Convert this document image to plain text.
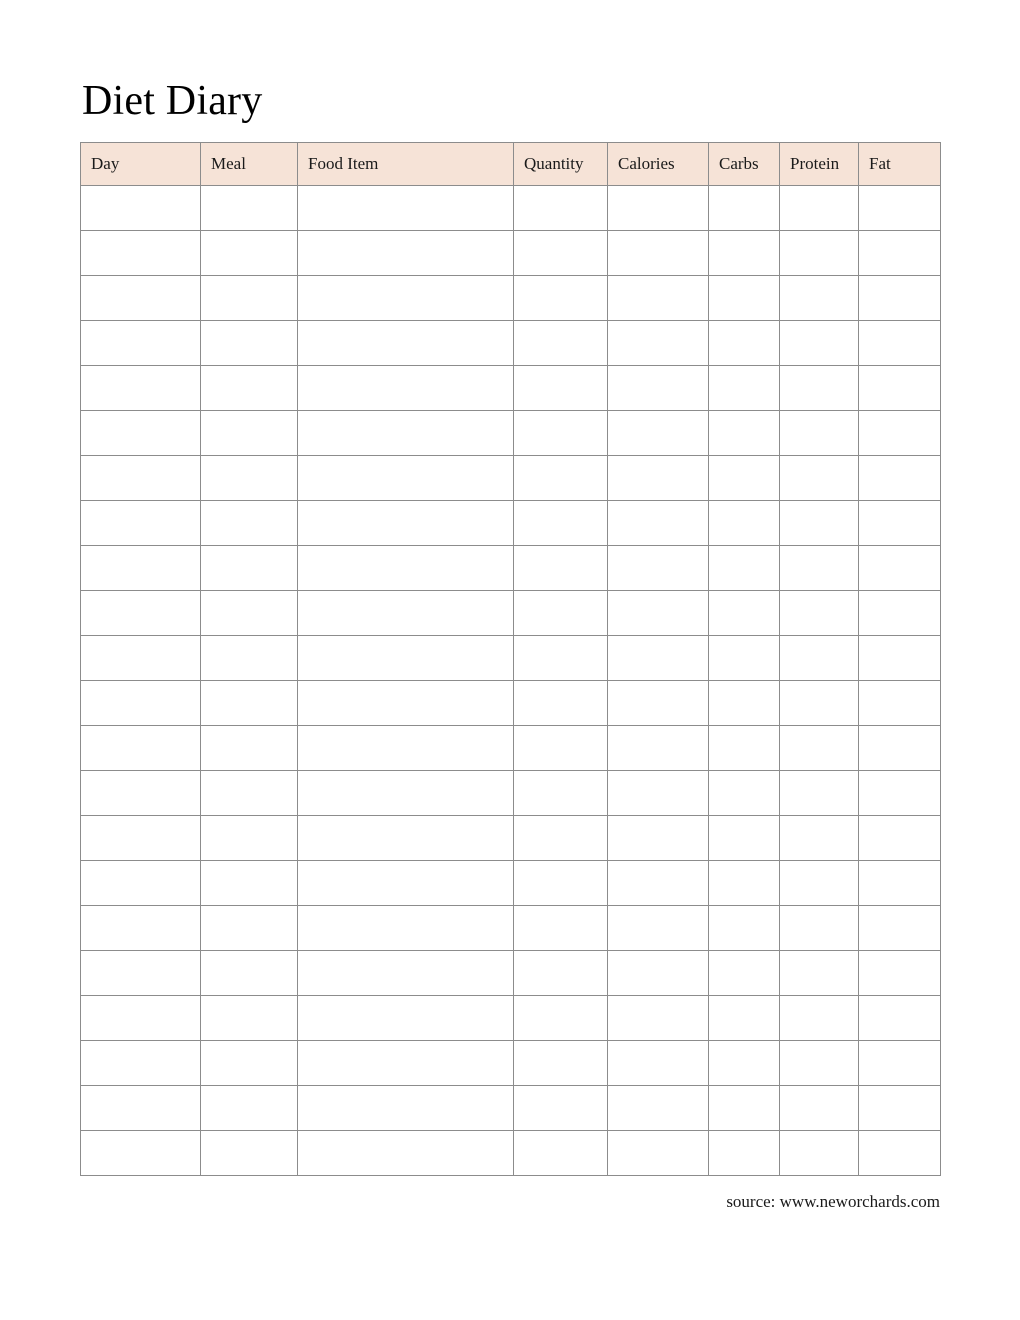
Diet Diary
Day	Meal	Food Item	Quantity	Calories	Carbs	Protein	Fat

source: www.neworchards.com
